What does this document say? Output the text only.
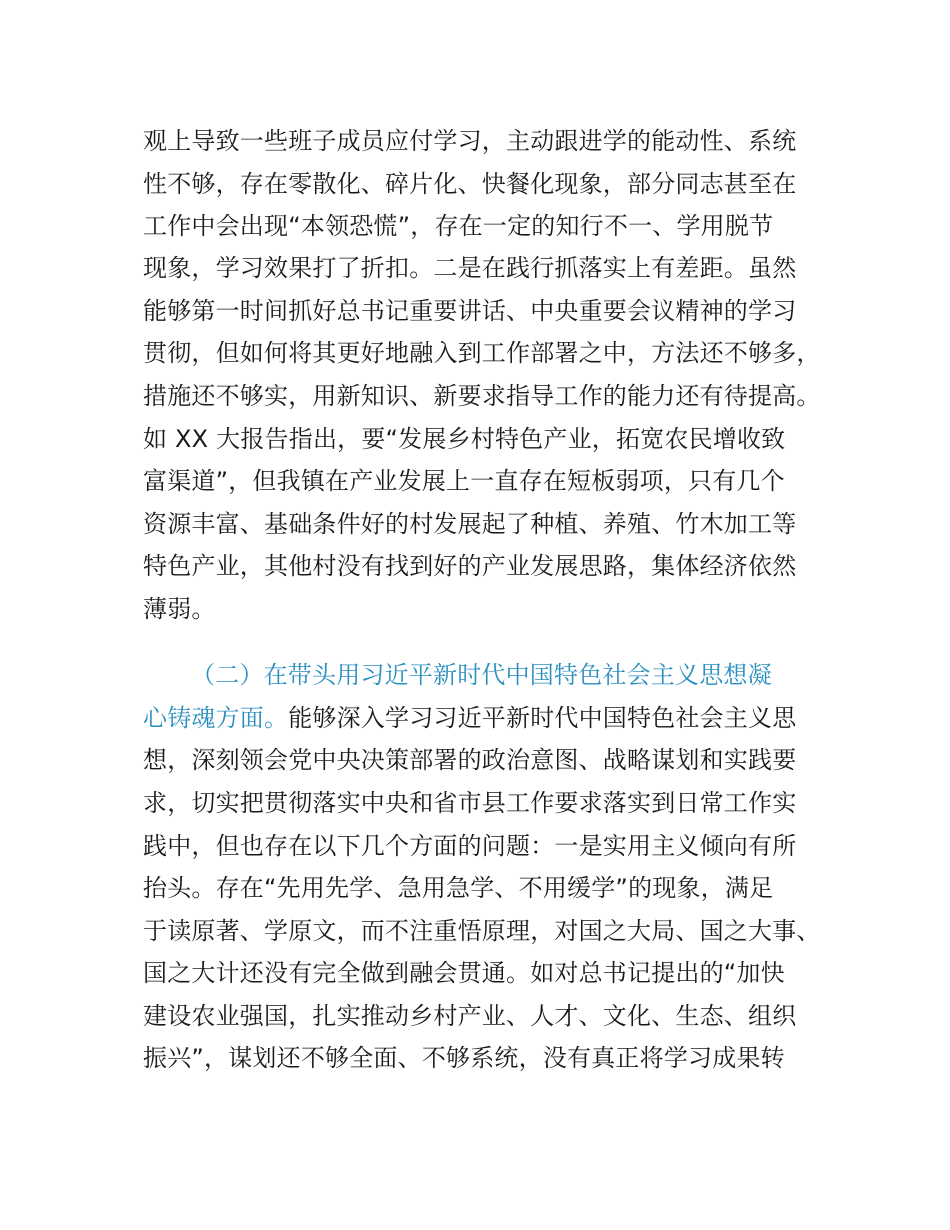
观上导致一些班子成员应付学习，主动跟进学的能动性、系统
性不够，存在零散化、碎片化、快餐化现象，部分同志甚至在
工作中会出现“本领恐慌”，存在一定的知行不一、学用脱节
现象，学习效果打了折扣。二是在践行抓落实上有差距。虽然
能够第一时间抓好总书记重要讲话、中央重要会议精神的学习
贯彻，但如何将其更好地融入到工作部署之中，方法还不够多，
措施还不够实，用新知识、新要求指导工作的能力还有待提高。
如 XX 大报告指出，要“发展乡村特色产业，拓宽农民增收致
富渠道”，但我镇在产业发展上一直存在短板弱项，只有几个
资源丰富、基础条件好的村发展起了种植、养殖、竹木加工等
特色产业，其他村没有找到好的产业发展思路，集体经济依然
薄弱。
（二）在带头用习近平新时代中国特色社会主义思想凝
心铸魂方面。能够深入学习习近平新时代中国特色社会主义思
想，深刻领会党中央决策部署的政治意图、战略谋划和实践要
求，切实把贯彻落实中央和省市县工作要求落实到日常工作实
践中，但也存在以下几个方面的问题：一是实用主义倾向有所
抬头。存在“先用先学、急用急学、不用缓学”的现象，满足
于读原著、学原文，而不注重悟原理，对国之大局、国之大事、
国之大计还没有完全做到融会贯通。如对总书记提出的“加快
建设农业强国，扎实推动乡村产业、人才、文化、生态、组织
振兴”，谋划还不够全面、不够系统，没有真正将学习成果转
